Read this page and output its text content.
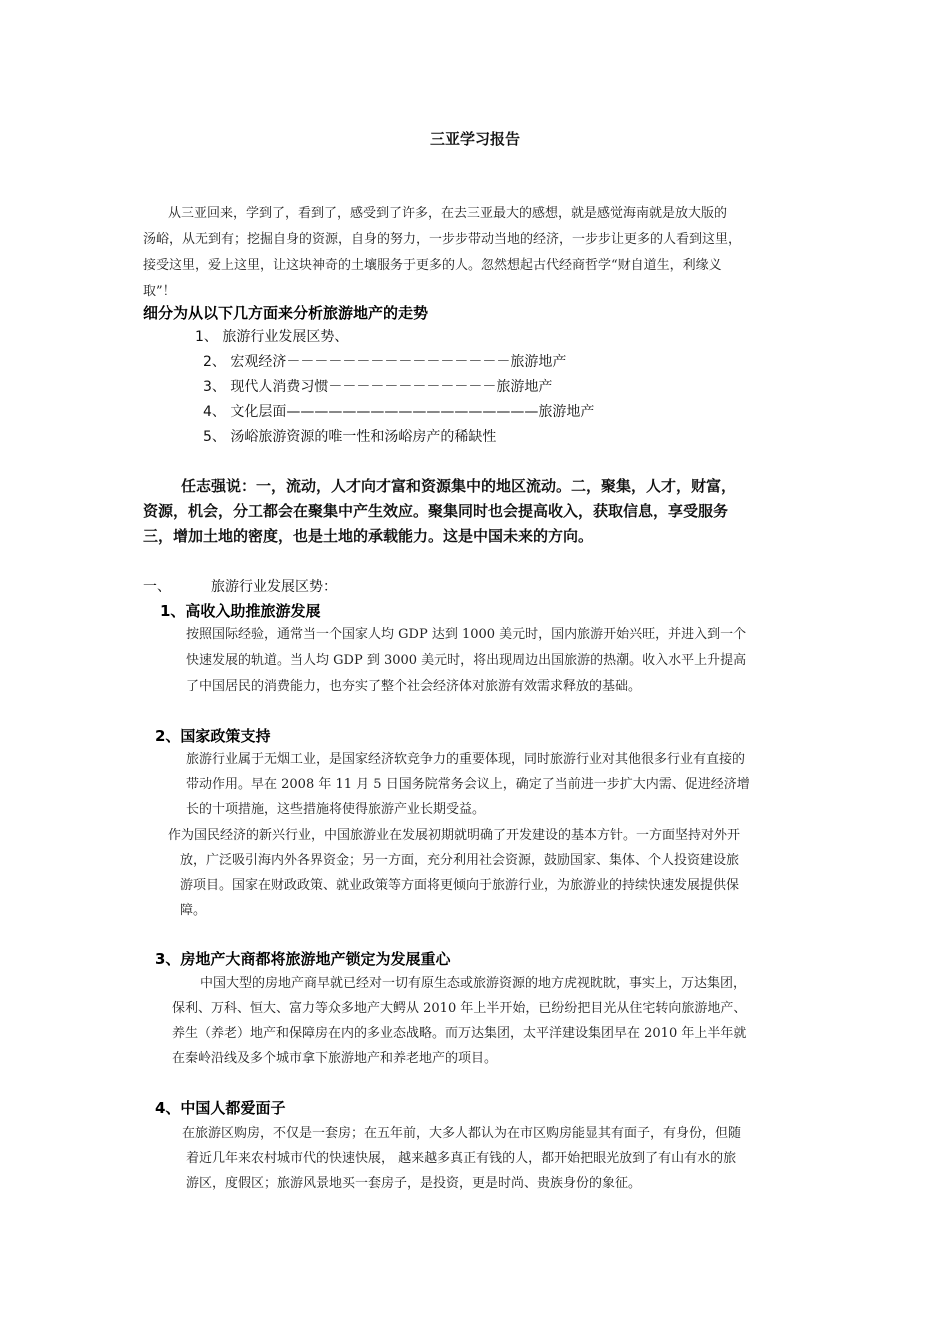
三亚学习报告
从三亚回来，学到了，看到了，感受到了许多，在去三亚最大的感想，就是感觉海南就是放大版的
汤峪，从无到有；挖掘自身的资源，自身的努力，一步步带动当地的经济，一步步让更多的人看到这里，
接受这里，爱上这里，让这块神奇的土壤服务于更多的人。忽然想起古代经商哲学“财自道生，利缘义
取”！
细分为从以下几方面来分析旅游地产的走势
1、 旅游行业发展区势、
2、 宏观经济－－－－－－－－－－－－－－－－旅游地产
3、 现代人消费习惯－－－－－－－－－－－－旅游地产
4、 文化层面——————————————————旅游地产
5、 汤峪旅游资源的唯一性和汤峪房产的稀缺性
任志强说：一，流动，人才向才富和资源集中的地区流动。二，聚集，人才，财富，
资源，机会，分工都会在聚集中产生效应。聚集同时也会提高收入，获取信息，享受服务
三，增加土地的密度，也是土地的承载能力。这是中国未来的方向。
一、	旅游行业发展区势：
1、高收入助推旅游发展
按照国际经验，通常当一个国家人均 GDP 达到 1000 美元时，国内旅游开始兴旺，并进入到一个
快速发展的轨道。当人均 GDP 到 3000 美元时，将出现周边出国旅游的热潮。收入水平上升提高
了中国居民的消费能力，也夯实了整个社会经济体对旅游有效需求释放的基础。
2、国家政策支持
旅游行业属于无烟工业，是国家经济软竞争力的重要体现，同时旅游行业对其他很多行业有直接的
带动作用。早在 2008 年 11 月 5 日国务院常务会议上，确定了当前进一步扩大内需、促进经济增
长的十项措施，这些措施将使得旅游产业长期受益。
作为国民经济的新兴行业，中国旅游业在发展初期就明确了开发建设的基本方针。一方面坚持对外开
放，广泛吸引海内外各界资金；另一方面，充分利用社会资源，鼓励国家、集体、个人投资建设旅
游项目。国家在财政政策、就业政策等方面将更倾向于旅游行业，为旅游业的持续快速发展提供保
障。
3、房地产大商都将旅游地产锁定为发展重心
中国大型的房地产商早就已经对一切有原生态或旅游资源的地方虎视眈眈，事实上，万达集团，
保利、万科、恒大、富力等众多地产大鳄从 2010 年上半开始，已纷纷把目光从住宅转向旅游地产、
养生（养老）地产和保障房在内的多业态战略。而万达集团，太平洋建设集团早在 2010 年上半年就
在秦岭沿线及多个城市拿下旅游地产和养老地产的项目。
4、中国人都爱面子
在旅游区购房，不仅是一套房；在五年前，大多人都认为在市区购房能显其有面子，有身份，但随
着近几年来农村城市代的快速快展， 越来越多真正有钱的人，都开始把眼光放到了有山有水的旅
游区，度假区；旅游风景地买一套房子，是投资，更是时尚、贵族身份的象征。
